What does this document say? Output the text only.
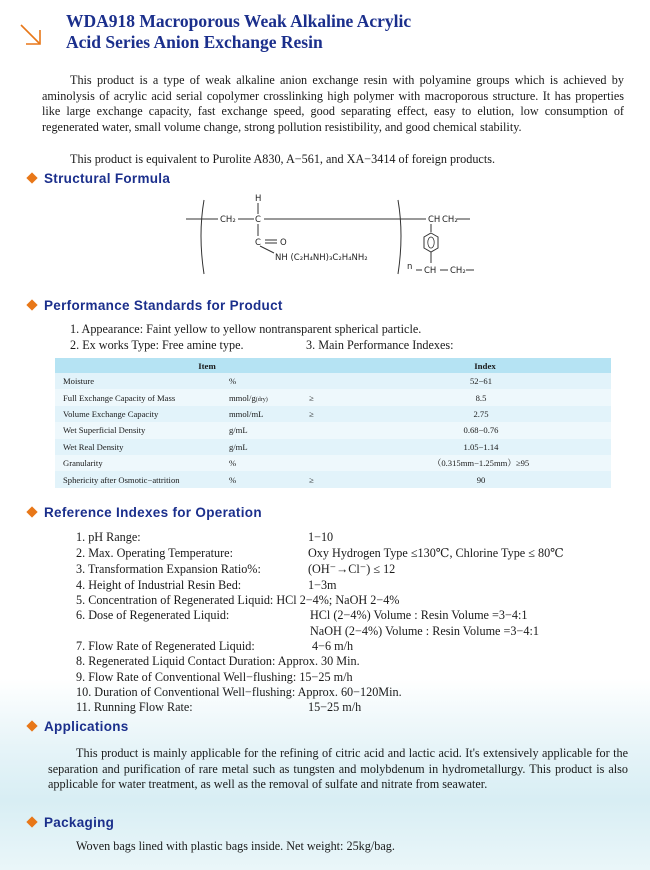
WDA918 Macroporous Weak Alkaline Acrylic
Acid Series Anion Exchange Resin
This product is a type of weak alkaline anion exchange resin with polyamine groups which is achieved by aminolysis of acrylic acid serial copolymer crosslinking high polymer with macroporous structure. It has properties like large exchange capacity, fast exchange speed, good separating effect, easy to elution, low consumption of regenerated water, small volume change, strong pollution resistibility, and good chemical stability.
This product is equivalent to Purolite A830, A−561, and XA−3414 of foreign products.
Structural Formula
H
CH₂ C
C O
NH (C₂H₄NH)₃C₂H₄NH₂
n
CH CH₂
CH CH₂
Performance Standards for Product
1. Appearance: Faint yellow to yellow nontransparent spherical particle.
2. Ex works Type: Free amine type.	3. Main Performance Indexes:
Item			Index
Moisture	%		52−61
Full Exchange Capacity of Mass	mmol/g(dry)	≥	8.5
Volume Exchange Capacity	mmol/mL	≥	2.75
Wet Superficial Density	g/mL		0.68−0.76
Wet Real Density	g/mL		1.05−1.14
Granularity	%		（0.315mm−1.25mm）≥95
Sphericity after Osmotic−attrition	%	≥	90
Reference Indexes for Operation
1. pH Range:	1−10
2. Max. Operating Temperature:	Oxy Hydrogen Type ≤130℃, Chlorine Type ≤ 80℃
3. Transformation Expansion Ratio%:	(OH⁻→Cl⁻) ≤ 12
4. Height of Industrial Resin Bed:	1−3m
5. Concentration of Regenerated Liquid: HCl 2−4%; NaOH 2−4%
6. Dose of Regenerated Liquid:	HCl (2−4%) Volume : Resin Volume =3−4:1
NaOH (2−4%) Volume : Resin Volume =3−4:1
7. Flow Rate of Regenerated Liquid:	4−6 m/h
8. Regenerated Liquid Contact Duration: Approx. 30 Min.
9. Flow Rate of Conventional Well−flushing: 15−25 m/h
10. Duration of Conventional Well−flushing: Approx. 60−120Min.
11. Running Flow Rate:	15−25 m/h
Applications
This product is mainly applicable for the refining of citric acid and lactic acid. It's extensively applicable for the separation and purification of rare metal such as tungsten and molybdenum in hydrometallurgy. This product is also applicable for water treatment, as well as the removal of sulfate and nitrate from seawater.
Packaging
Woven bags lined with plastic bags inside. Net weight: 25kg/bag.
